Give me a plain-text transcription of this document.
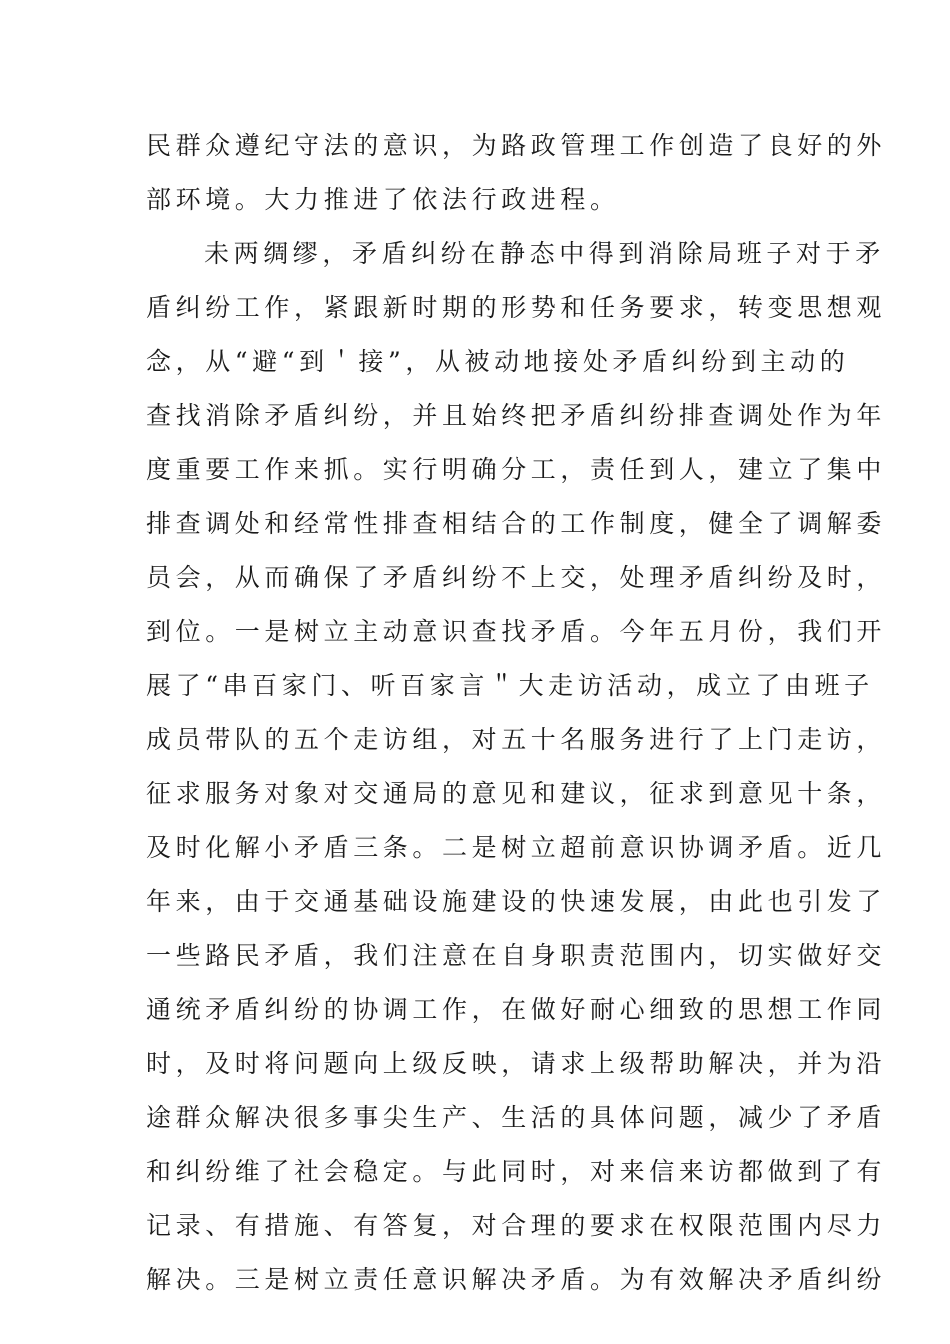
民群众遵纪守法的意识，为路政管理工作创造了良好的外
部环境。大力推进了依法行政进程。
未两绸缪，矛盾纠纷在静态中得到消除局班子对于矛
盾纠纷工作，紧跟新时期的形势和任务要求，转变思想观
念，从“避“到＇接”，从被动地接处矛盾纠纷到主动的
查找消除矛盾纠纷，并且始终把矛盾纠纷排查调处作为年
度重要工作来抓。实行明确分工，责任到人，建立了集中
排查调处和经常性排查相结合的工作制度，健全了调解委
员会，从而确保了矛盾纠纷不上交，处理矛盾纠纷及时，
到位。一是树立主动意识查找矛盾。今年五月份，我们开
展了“串百家门、听百家言＂大走访活动，成立了由班子
成员带队的五个走访组，对五十名服务进行了上门走访，
征求服务对象对交通局的意见和建议，征求到意见十条，
及时化解小矛盾三条。二是树立超前意识协调矛盾。近几
年来，由于交通基础设施建设的快速发展，由此也引发了
一些路民矛盾，我们注意在自身职责范围内，切实做好交
通统矛盾纠纷的协调工作，在做好耐心细致的思想工作同
时，及时将问题向上级反映，请求上级帮助解决，并为沿
途群众解决很多事尖生产、生活的具体问题，减少了矛盾
和纠纷维了社会稳定。与此同时，对来信来访都做到了有
记录、有措施、有答复，对合理的要求在权限范围内尽力
解决。三是树立责任意识解决矛盾。为有效解决矛盾纠纷
